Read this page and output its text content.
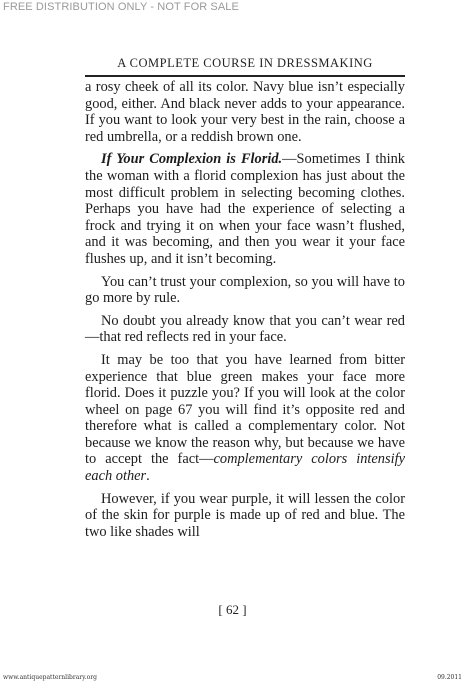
FREE DISTRIBUTION ONLY - NOT FOR SALE
A COMPLETE COURSE IN DRESSMAKING

a rosy cheek of all its color. Navy blue isn’t especially good, either. And black never adds to your appearance. If you want to look your very best in the rain, choose a red umbrella, or a reddish brown one.

If Your Complexion is Florid.—Sometimes I think the woman with a florid complexion has just about the most difficult problem in selecting becoming clothes. Perhaps you have had the experience of selecting a frock and trying it on when your face wasn’t flushed, and it was becoming, and then you wear it your face flushes up, and it isn’t becoming.

You can’t trust your complexion, so you will have to go more by rule.

No doubt you already know that you can’t wear red—that red reflects red in your face.

It may be too that you have learned from bitter experience that blue green makes your face more florid. Does it puzzle you? If you will look at the color wheel on page 67 you will find it’s opposite red and therefore what is called a complementary color. Not because we know the reason why, but because we have to accept the fact—complementary colors intensify each other.

However, if you wear purple, it will lessen the color of the skin for purple is made up of red and blue. The two like shades will

[ 62 ]
www.antiquepatternlibrary.org	09.2011
